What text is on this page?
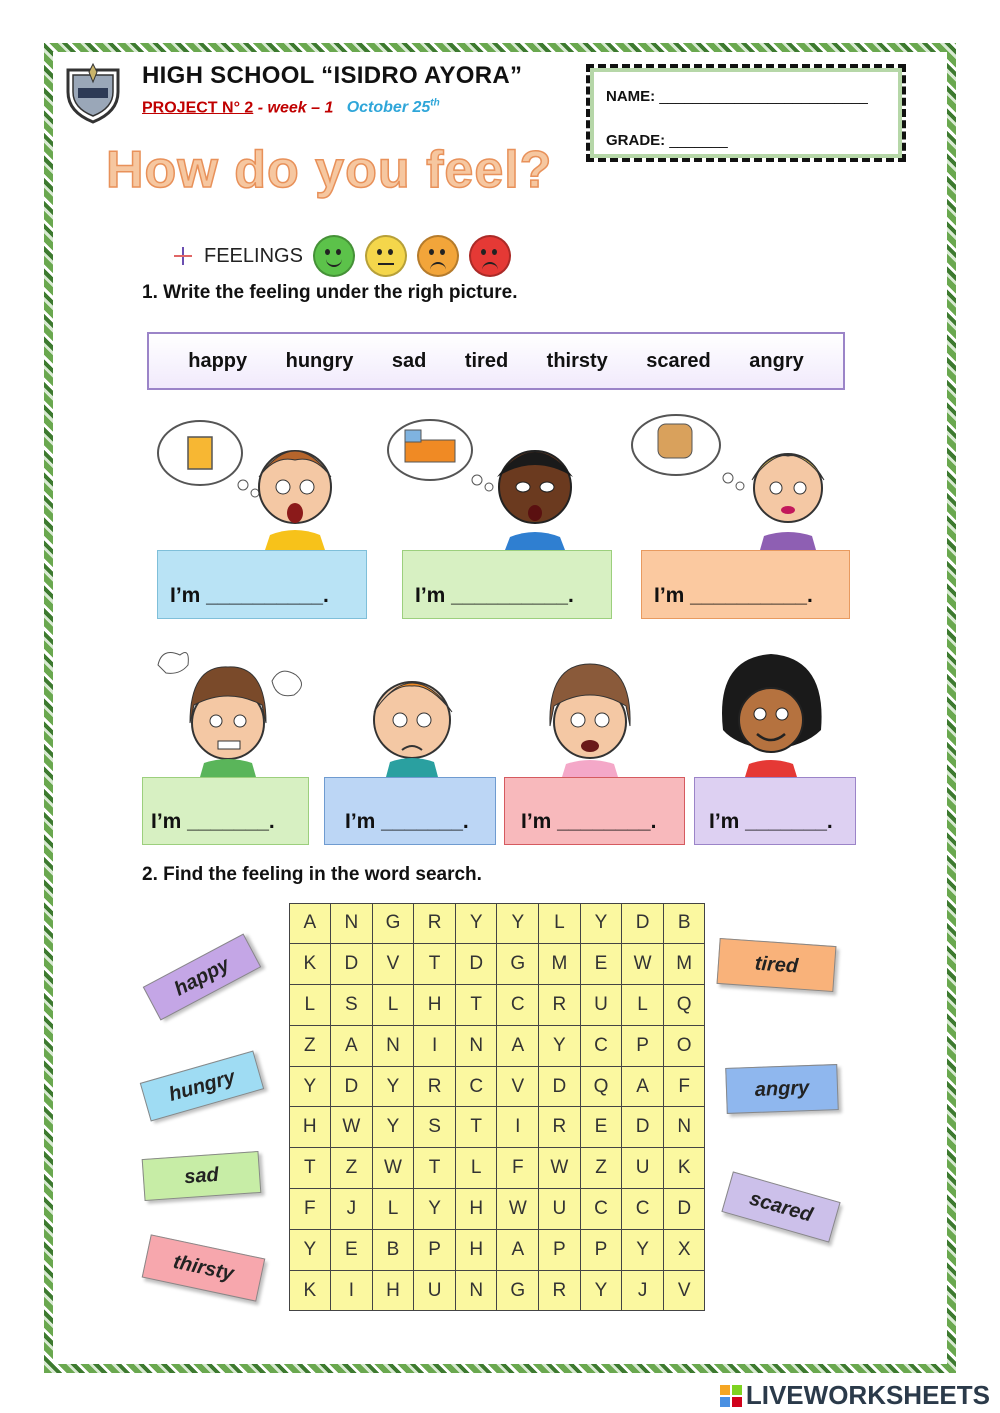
HIGH SCHOOL “ISIDRO AYORA”
PROJECT N° 2 - week – 1 October 25th	NAME: _________________________
GRADE: _______
How do you feel?
FEELINGS
1. Write the feeling under the righ picture.
happy hungry sad tired thirsty scared angry
I’m __________.	I’m __________.	I’m __________.
I’m _______.	I’m _______. I’m ________.	I’m _______.
2. Find the feeling in the word search.
A	N	G	R	Y	Y	L	Y	D	B
K	D	V	T	D	G	M	E	W	M
L	S	L	H	T	C	R	U	L	Q
Z	A	N	I	N	A	Y	C	P	O
Y	D	Y	R	C	V	D	Q	A	F
H	W	Y	S	T	I	R	E	D	N
T	Z	W	T	L	F	W	Z	U	K
F	J	L	Y	H	W	U	C	C	D
Y	E	B	P	H	A	P	P	Y	X
K	I	H	U	N	G	R	Y	J	V
happy
hungry
sad
thirsty
tired
angry
scared
LIVEWORKSHEETS
